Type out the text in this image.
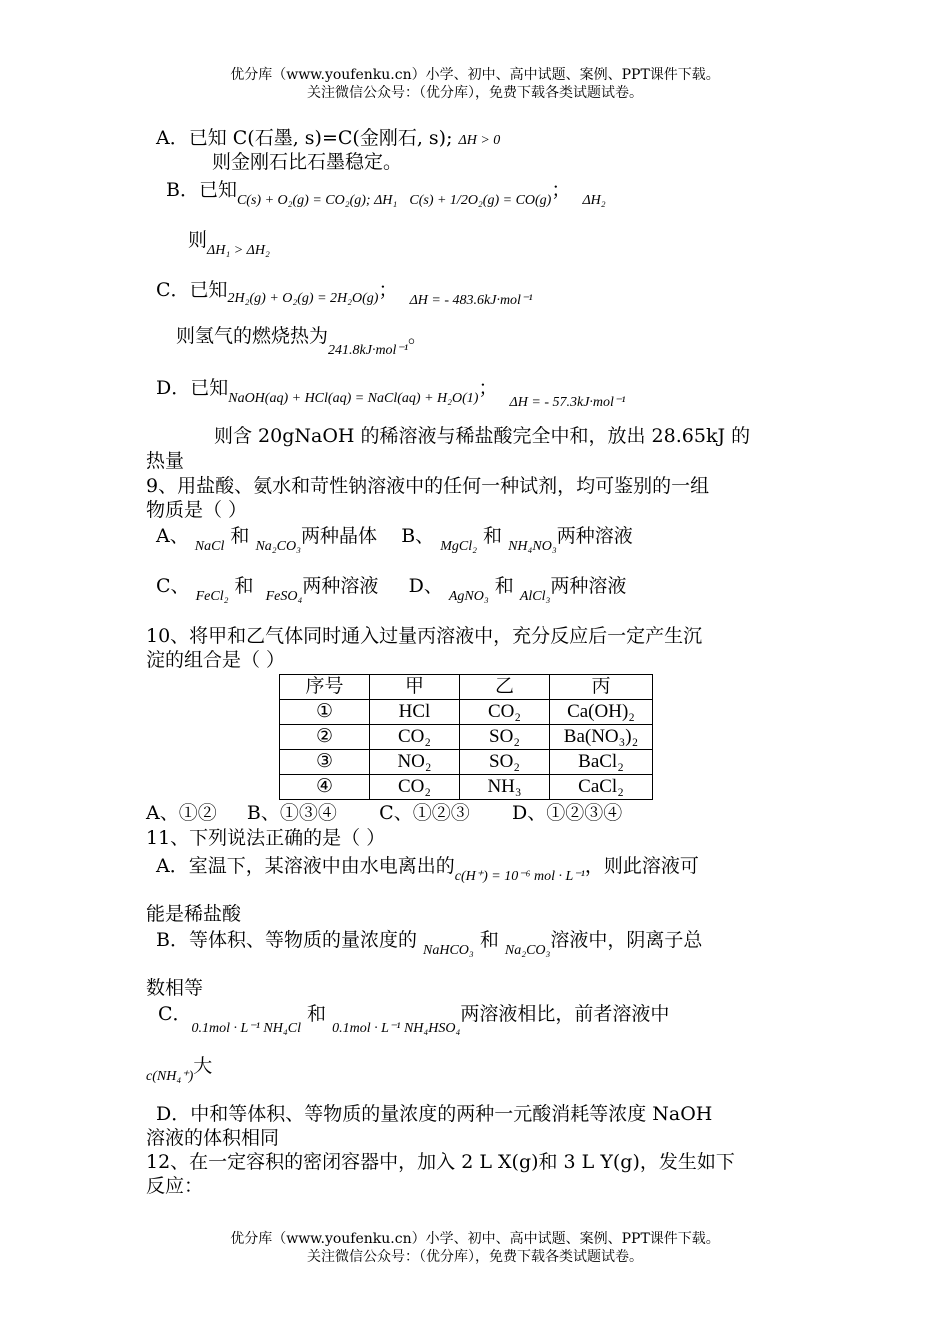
优分库（www.youfenku.cn）小学、初中、高中试题、案例、PPT课件下载。
关注微信公众号：（优分库），免费下载各类试题试卷。
A．已知 C(石墨, s)=C(金刚石, s); ΔH > 0
则金刚石比石墨稳定。
B．已知$_{C(s) + O_2(g) = CO_2(g); \Delta H_1}$ $_{C(s) + 1/2O_2(g) = CO(g)}$； $_{\Delta H_2}$
则$_{\Delta H_1 > \Delta H_2}$
C．已知$_{2H_2(g) + O_2(g) = 2H_2O(g)}$； $_{\Delta H = - 483.6kJ\cdot mol^{-1}}$
则氢气的燃烧热为$_{241.8kJ\cdot mol^{-1}}$。
D．已知$_{NaOH(aq) + HCl(aq) = NaCl(aq) + H_2O(1)}$；  $_{\Delta H = - 57.3kJ\cdot mol^{-1}}$
则含 20gNaOH 的稀溶液与稀盐酸完全中和，放出 28.65kJ 的
热量
9、用盐酸、氨水和苛性钠溶液中的任何一种试剂，均可鉴别的一组
物质是（ ）
A、 $_{NaCl}$ 和 $_{Na_2CO_3}$两种晶体 B、 $_{MgCl_2}$ 和 $_{NH_4NO_3}$两种溶液
C、 $_{FeCl_2}$ 和 $_{FeSO_4}$两种溶液 D、 $_{AgNO_3}$ 和 $_{AlCl_3}$两种溶液
10、将甲和乙气体同时通入过量丙溶液中，充分反应后一定产生沉
淀的组合是（ ）
序号	甲	乙	丙
①	HCl	CO₂	Ca(OH)₂
②	CO₂	SO₂	Ba(NO₃)₂
③	NO₂	SO₂	BaCl₂
④	CO₂	NH₃	CaCl₂
A、①②     B、①③④       C、①②③       D、①②③④
11、下列说法正确的是（ ）
A．室温下，某溶液中由水电离出的$_{c(H^+) = 10^{-6} mol \cdot L^{-1}}$，则此溶液可
能是稀盐酸
B．等体积、等物质的量浓度的 $_{NaHCO_3}$ 和 $_{Na_2CO_3}$溶液中，阴离子总
数相等
C．$_{0.1mol \cdot L^{-1} NH_4Cl}$ 和 $_{0.1mol \cdot L^{-1} NH_4HSO_4}$两溶液相比，前者溶液中
$_{c(NH_4^+)}$大
D．中和等体积、等物质的量浓度的两种一元酸消耗等浓度 NaOH
溶液的体积相同
12、在一定容积的密闭容器中，加入 2 L X(g)和 3 L Y(g)，发生如下
反应：
优分库（www.youfenku.cn）小学、初中、高中试题、案例、PPT课件下载。
关注微信公众号：（优分库），免费下载各类试题试卷。
